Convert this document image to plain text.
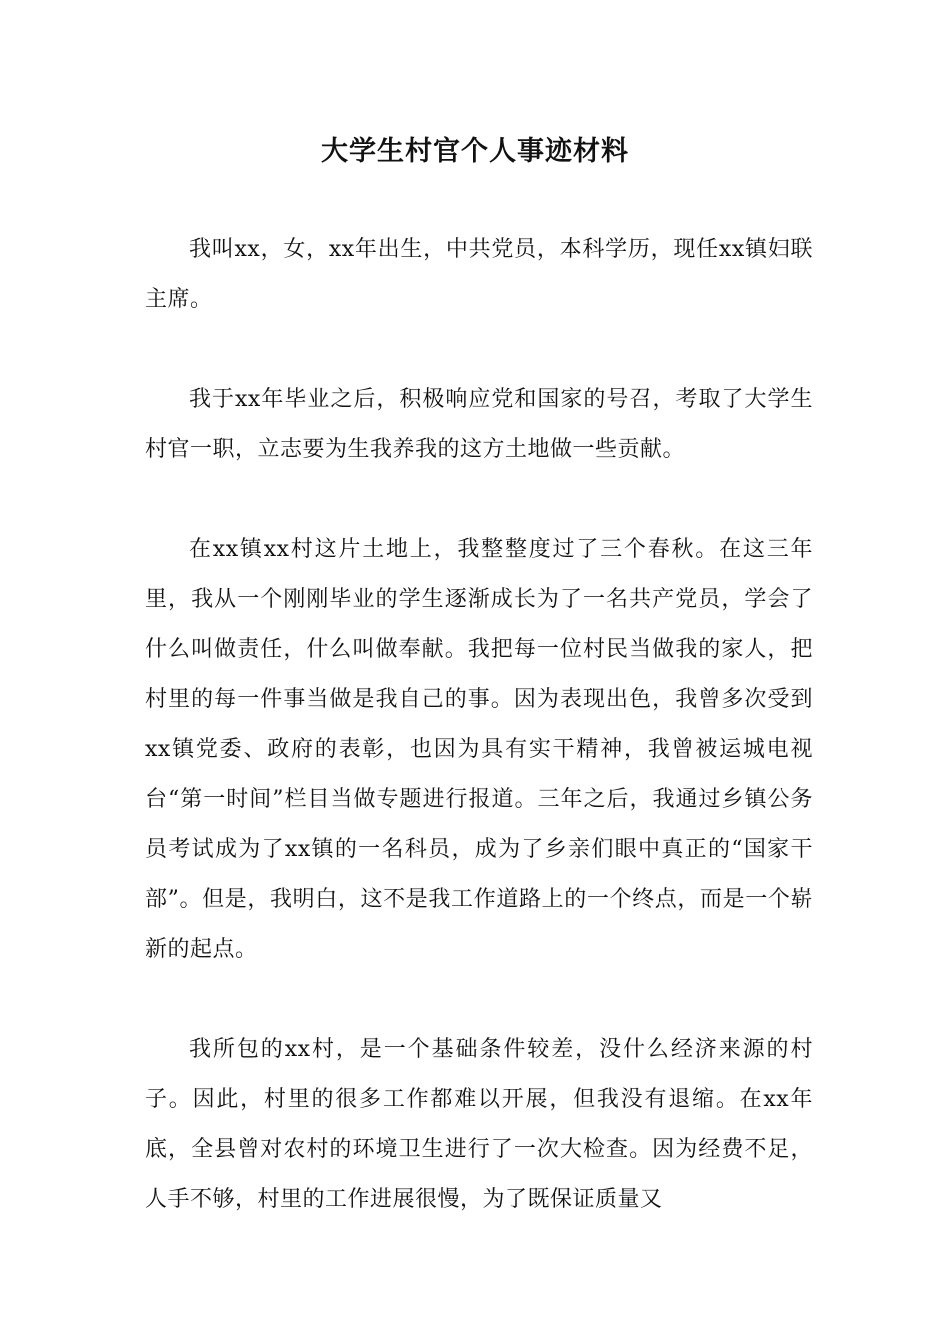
大学生村官个人事迹材料

我叫xx，女，xx年出生，中共党员，本科学历，现任xx镇妇联主席。

我于xx年毕业之后，积极响应党和国家的号召，考取了大学生村官一职，立志要为生我养我的这方土地做一些贡献。

在xx镇xx村这片土地上，我整整度过了三个春秋。在这三年里，我从一个刚刚毕业的学生逐渐成长为了一名共产党员，学会了什么叫做责任，什么叫做奉献。我把每一位村民当做我的家人，把村里的每一件事当做是我自己的事。因为表现出色，我曾多次受到xx镇党委、政府的表彰，也因为具有实干精神，我曾被运城电视台“第一时间”栏目当做专题进行报道。三年之后，我通过乡镇公务员考试成为了xx镇的一名科员，成为了乡亲们眼中真正的“国家干部”。但是，我明白，这不是我工作道路上的一个终点，而是一个崭新的起点。

我所包的xx村，是一个基础条件较差，没什么经济来源的村子。因此，村里的很多工作都难以开展，但我没有退缩。在xx年底，全县曾对农村的环境卫生进行了一次大检查。因为经费不足，人手不够，村里的工作进展很慢，为了既保证质量又
